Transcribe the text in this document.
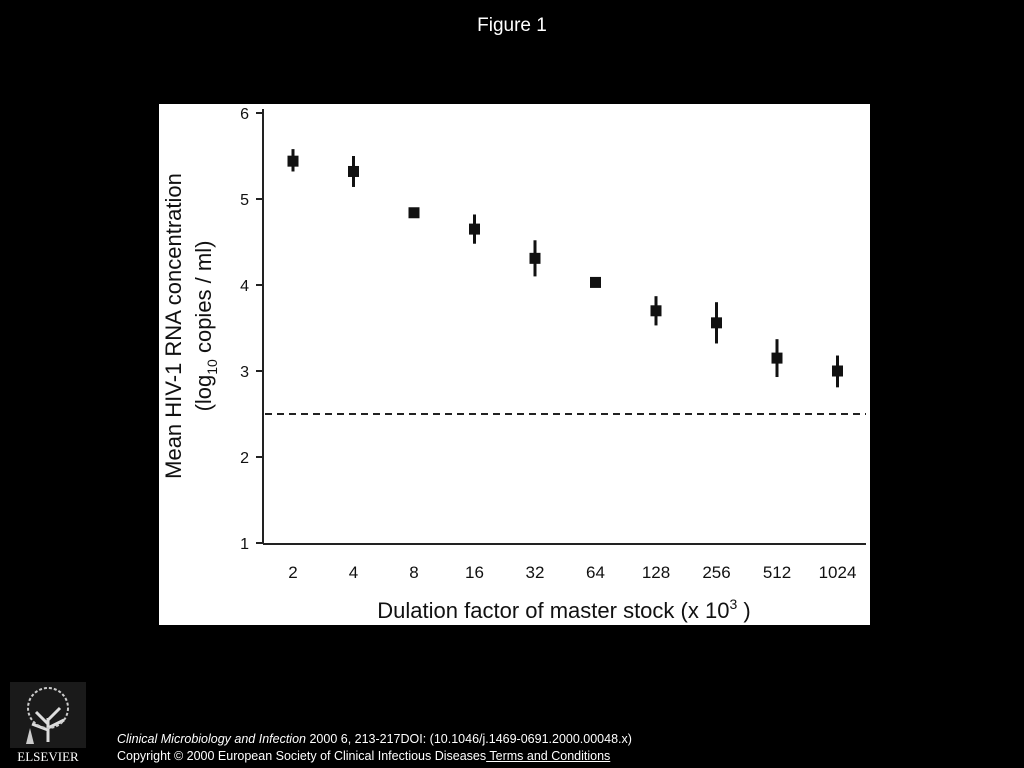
Figure 1
1
2
3
4
5
6
2	4	8	16 32 64 128 256 512 1024
Mean HIV-1 RNA concentration ($\log_{10}$ copies / ml)
Dulation factor of master stock (x $10^3$ )
ELSEVIER
Clinical Microbiology and Infection 2000 6, 213-217DOI: (10.1046/j.1469-0691.2000.00048.x)
Copyright © 2000 European Society of Clinical Infectious Diseases Terms and Conditions
